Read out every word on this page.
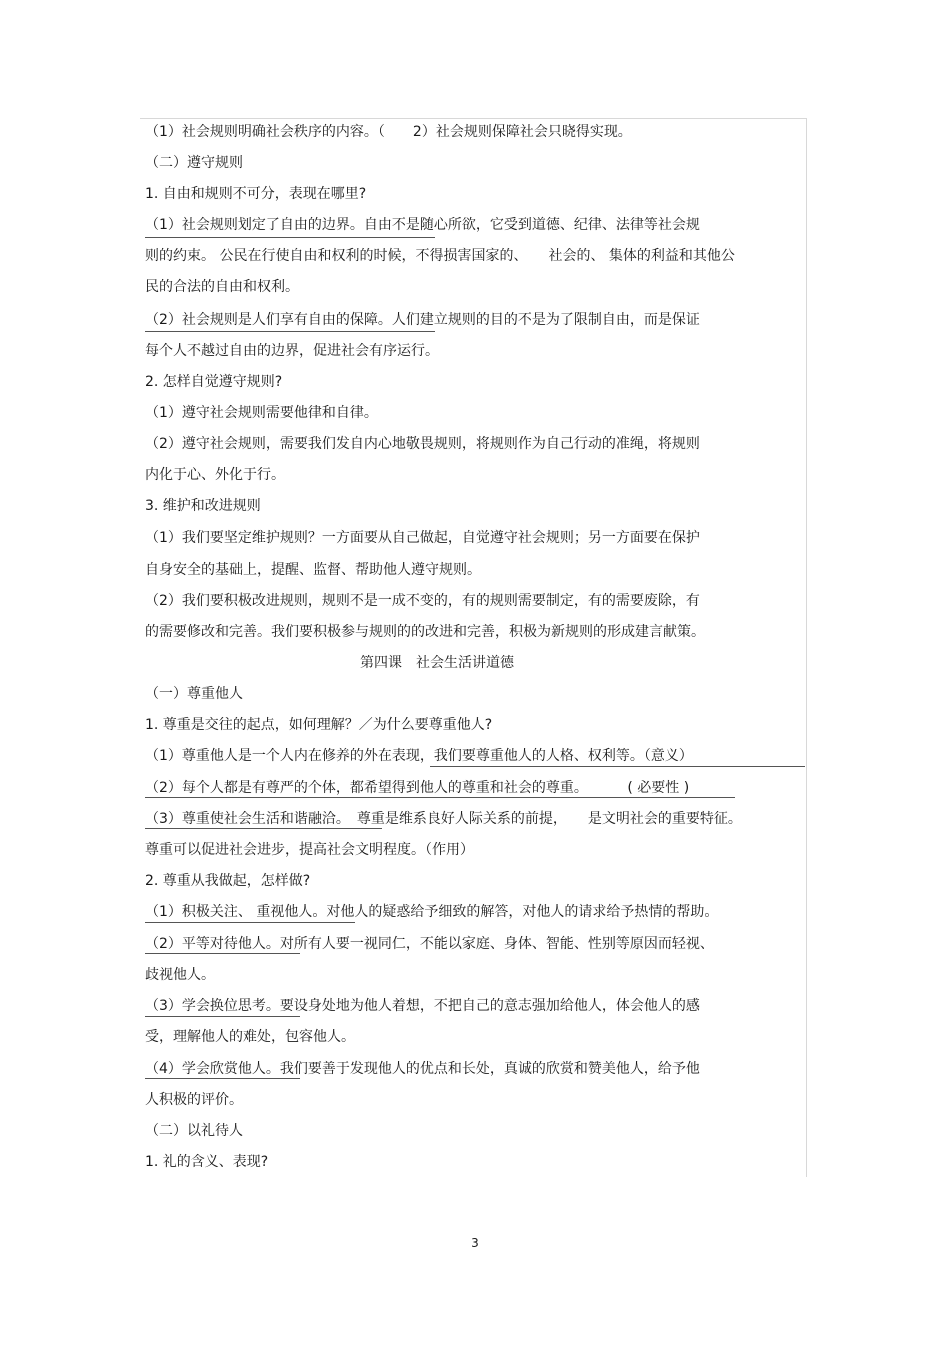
（1）社会规则明确社会秩序的内容。（　　2）社会规则保障社会只晓得实现。
（二）遵守规则
1. 自由和规则不可分，表现在哪里?
（1）社会规则划定了自由的边界。自由不是随心所欲，它受到道德、纪律、法律等社会规
则的约束。 公民在行使自由和权利的时候，不得损害国家的、　　社会的、 集体的利益和其他公
民的合法的自由和权利。
（2）社会规则是人们享有自由的保障。人们建立规则的目的不是为了限制自由，而是保证
每个人不越过自由的边界，促进社会有序运行。
2. 怎样自觉遵守规则?
（1）遵守社会规则需要他律和自律。
（2）遵守社会规则，需要我们发自内心地敬畏规则，将规则作为自己行动的准绳，将规则
内化于心、外化于行。
3. 维护和改进规则
（1）我们要坚定维护规则？一方面要从自己做起，自觉遵守社会规则；另一方面要在保护
自身安全的基础上，提醒、监督、帮助他人遵守规则。
（2）我们要积极改进规则，规则不是一成不变的，有的规则需要制定，有的需要废除，有
的需要修改和完善。我们要积极参与规则的的改进和完善，积极为新规则的形成建言献策。
第四课　社会生活讲道德
（一）尊重他人
1. 尊重是交往的起点，如何理解？／为什么要尊重他人?
（1）尊重他人是一个人内在修养的外在表现，我们要尊重他人的人格、权利等。（意义）
（2）每个人都是有尊严的个体，都希望得到他人的尊重和社会的尊重。　　　 ( 必要性 )
（3）尊重使社会生活和谐融洽。　尊重是维系良好人际关系的前提，　　是文明社会的重要特征。
尊重可以促进社会进步，提高社会文明程度。（作用）
2. 尊重从我做起，怎样做?
（1）积极关注、 重视他人。对他人的疑惑给予细致的解答，对他人的请求给予热情的帮助。
（2）平等对待他人。对所有人要一视同仁，不能以家庭、身体、智能、性别等原因而轻视、
歧视他人。
（3）学会换位思考。要设身处地为他人着想，不把自己的意志强加给他人，体会他人的感
受，理解他人的难处，包容他人。
（4）学会欣赏他人。我们要善于发现他人的优点和长处，真诚的欣赏和赞美他人，给予他
人积极的评价。
（二）以礼待人
1. 礼的含义、表现?
3
